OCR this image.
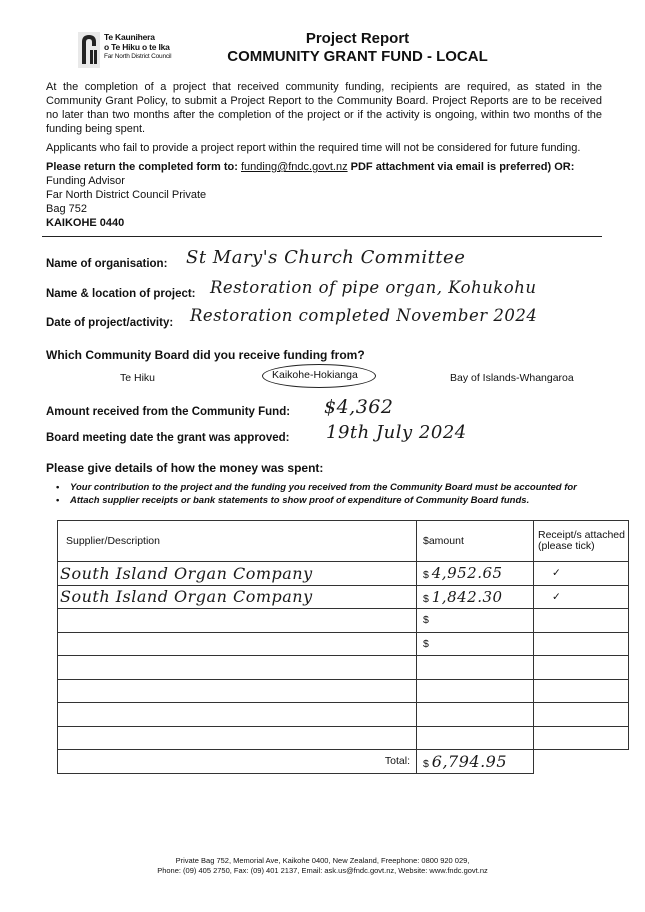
Te Kaunihera
o Te Hiku o te Ika
Far North District Council
Project Report
COMMUNITY GRANT FUND - LOCAL
At the completion of a project that received community funding, recipients are required, as stated in the Community Grant Policy, to submit a Project Report to the Community Board. Project Reports are to be received no later than two months after the completion of the project or if the activity is ongoing, within two months of the funding being spent.
Applicants who fail to provide a project report within the required time will not be considered for future funding.
Please return the completed form to: funding@fndc.govt.nz PDF attachment via email is preferred) OR:
Funding Advisor
Far North District Council Private
Bag 752
KAIKOHE 0440
Name of organisation: St Mary's Church Committee
Name & location of project: Restoration of pipe organ, Kohukohu
Date of project/activity: Restoration completed November 2024
Which Community Board did you receive funding from?
Te Hiku	Kaikohe-Hokianga	Bay of Islands-Whangaroa
Amount received from the Community Fund: $4,362
Board meeting date the grant was approved: 19th July 2024
Please give details of how the money was spent:
• Your contribution to the project and the funding you received from the Community Board must be accounted for
• Attach supplier receipts or bank statements to show proof of expenditure of Community Board funds.
Supplier/Description	$amount	Receipt/s attached (please tick)
South Island Organ Company	$ 4,952.65	✓
South Island Organ Company	$ 1,842.30	✓
	$	
	$	

Total:	$ 6,794.95	
Private Bag 752, Memorial Ave, Kaikohe 0400, New Zealand, Freephone: 0800 920 029,
Phone: (09) 405 2750, Fax: (09) 401 2137, Email: ask.us@fndc.govt.nz, Website: www.fndc.govt.nz
